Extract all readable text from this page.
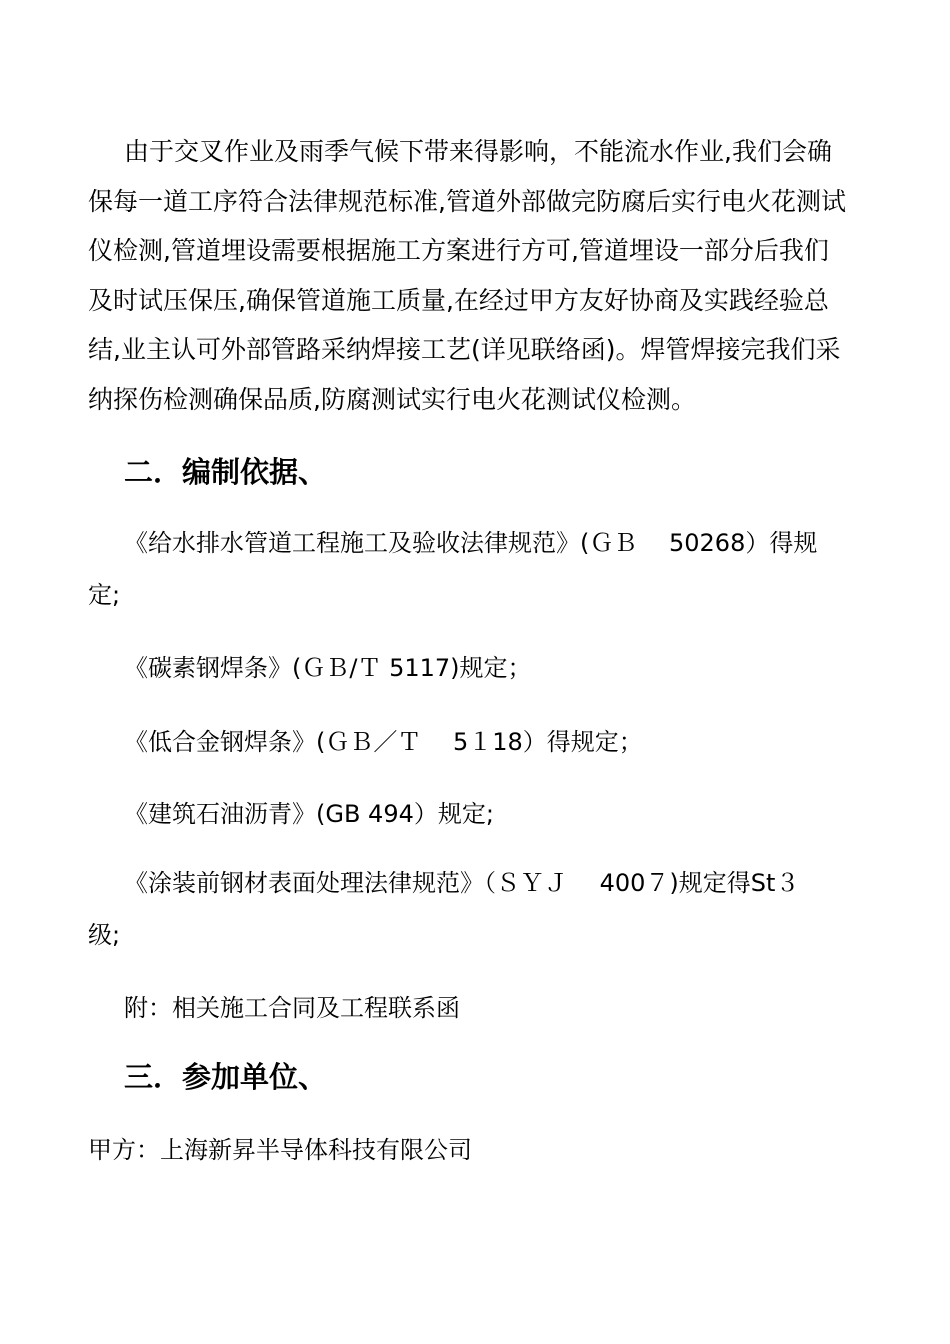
由于交叉作业及雨季气候下带来得影响，不能流水作业,我们会确
保每一道工序符合法律规范标准,管道外部做完防腐后实行电火花测试
仪检测,管道埋设需要根据施工方案进行方可,管道埋设一部分后我们
及时试压保压,确保管道施工质量,在经过甲方友好协商及实践经验总
结,业主认可外部管路采纳焊接工艺(详见联络函)。焊管焊接完我们采
纳探伤检测确保品质,防腐测试实行电火花测试仪检测。
二．编制依据、
《给水排水管道工程施工及验收法律规范》(ＧＢ　 50268）得规
定;
《碳素钢焊条》(ＧＢ/Ｔ 5117)规定；
《低合金钢焊条》(ＧＢ／Ｔ　 5１18）得规定；
《建筑石油沥青》(GB 494）规定;
《涂装前钢材表面处理法律规范》（ＳＹＪ　 400７)规定得St３
级;
附：相关施工合同及工程联系函
三．参加单位、
甲方：上海新昇半导体科技有限公司
